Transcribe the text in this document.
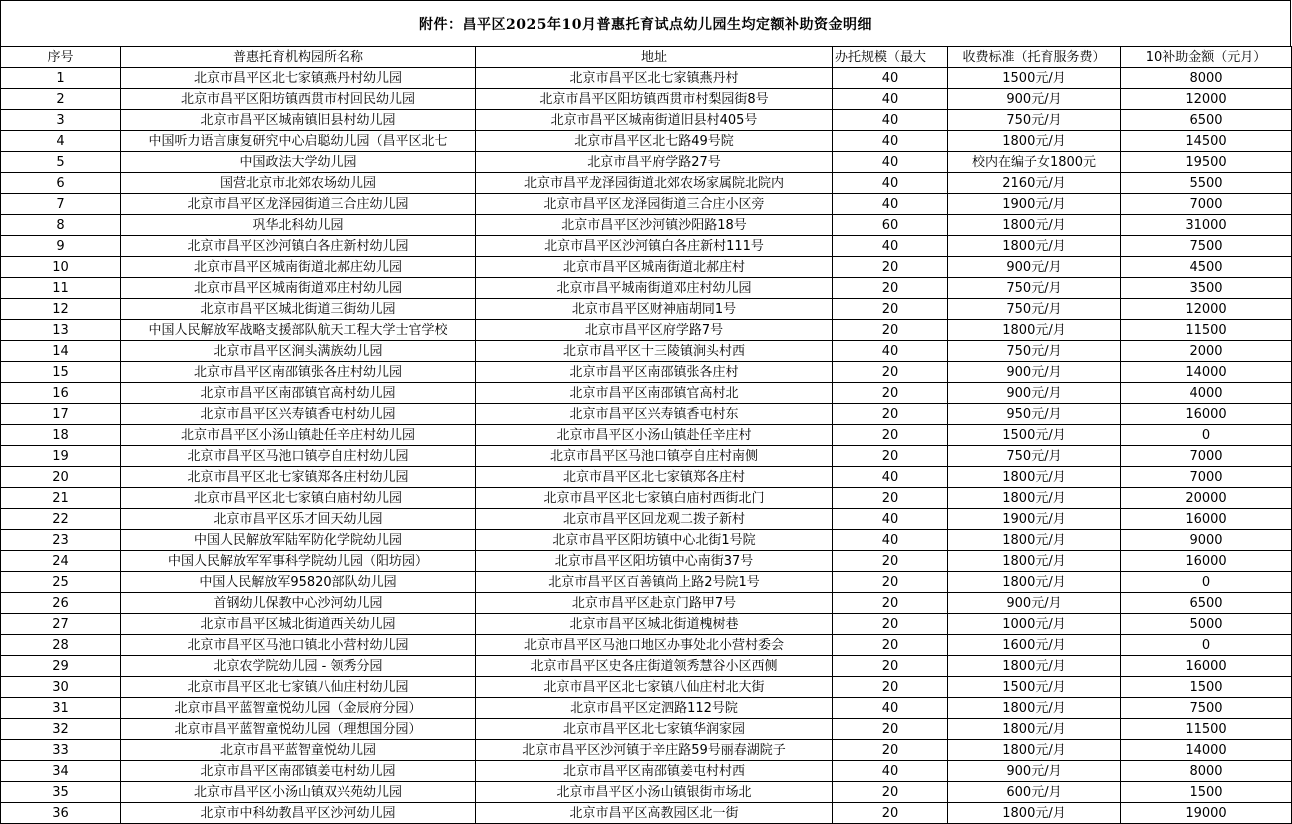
附件：昌平区2025年10月普惠托育试点幼儿园生均定额补助资金明细
序号	普惠托育机构园所名称	地址	办托规模（最大	收费标准（托育服务费）	10补助金额（元月）
1	北京市昌平区北七家镇燕丹村幼儿园	北京市昌平区北七家镇燕丹村	40	1500元/月	8000
2	北京市昌平区阳坊镇西贯市村回民幼儿园	北京市昌平区阳坊镇西贯市村梨园街8号	40	900元/月	12000
3	北京市昌平区城南镇旧县村幼儿园	北京市昌平区城南街道旧县村405号	40	750元/月	6500
4	中国听力语言康复研究中心启聪幼儿园（昌平区北七	北京市昌平区北七路49号院	40	1800元/月	14500
5	中国政法大学幼儿园	北京市昌平府学路27号	40	校内在编子女1800元	19500
6	国营北京市北郊农场幼儿园	北京市昌平龙泽园街道北郊农场家属院北院内	40	2160元/月	5500
7	北京市昌平区龙泽园街道三合庄幼儿园	北京市昌平区龙泽园街道三合庄小区旁	40	1900元/月	7000
8	巩华北科幼儿园	北京市昌平区沙河镇沙阳路18号	60	1800元/月	31000
9	北京市昌平区沙河镇白各庄新村幼儿园	北京市昌平区沙河镇白各庄新村111号	40	1800元/月	7500
10	北京市昌平区城南街道北郝庄幼儿园	北京市昌平区城南街道北郝庄村	20	900元/月	4500
11	北京市昌平区城南街道邓庄村幼儿园	北京市昌平城南街道邓庄村幼儿园	20	750元/月	3500
12	北京市昌平区城北街道三街幼儿园	北京市昌平区财神庙胡同1号	20	750元/月	12000
13	中国人民解放军战略支援部队航天工程大学士官学校	北京市昌平区府学路7号	20	1800元/月	11500
14	北京市昌平区涧头满族幼儿园	北京市昌平区十三陵镇涧头村西	40	750元/月	2000
15	北京市昌平区南邵镇张各庄村幼儿园	北京市昌平区南邵镇张各庄村	20	900元/月	14000
16	北京市昌平区南邵镇官高村幼儿园	北京市昌平区南邵镇官高村北	20	900元/月	4000
17	北京市昌平区兴寿镇香屯村幼儿园	北京市昌平区兴寿镇香屯村东	20	950元/月	16000
18	北京市昌平区小汤山镇赴任辛庄村幼儿园	北京市昌平区小汤山镇赴任辛庄村	20	1500元/月	0
19	北京市昌平区马池口镇亭自庄村幼儿园	北京市昌平区马池口镇亭自庄村南侧	20	750元/月	7000
20	北京市昌平区北七家镇郑各庄村幼儿园	北京市昌平区北七家镇郑各庄村	40	1800元/月	7000
21	北京市昌平区北七家镇白庙村幼儿园	北京市昌平区北七家镇白庙村西街北门	20	1800元/月	20000
22	北京市昌平区乐才回天幼儿园	北京市昌平区回龙观二拨子新村	40	1900元/月	16000
23	中国人民解放军陆军防化学院幼儿园	北京市昌平区阳坊镇中心北街1号院	40	1800元/月	9000
24	中国人民解放军军事科学院幼儿园（阳坊园）	北京市昌平区阳坊镇中心南街37号	20	1800元/月	16000
25	中国人民解放军95820部队幼儿园	北京市昌平区百善镇尚上路2号院1号	20	1800元/月	0
26	首钢幼儿保教中心沙河幼儿园	北京市昌平区赴京门路甲7号	20	900元/月	6500
27	北京市昌平区城北街道西关幼儿园	北京市昌平区城北街道槐树巷	20	1000元/月	5000
28	北京市昌平区马池口镇北小营村幼儿园	北京市昌平区马池口地区办事处北小营村委会	20	1600元/月	0
29	北京农学院幼儿园 - 领秀分园	北京市昌平区史各庄街道领秀慧谷小区西侧	20	1800元/月	16000
30	北京市昌平区北七家镇八仙庄村幼儿园	北京市昌平区北七家镇八仙庄村北大街	20	1500元/月	1500
31	北京市昌平蓝智童悦幼儿园（金辰府分园）	北京市昌平区定泗路112号院	40	1800元/月	7500
32	北京市昌平蓝智童悦幼儿园（理想国分园）	北京市昌平区北七家镇华润家园	20	1800元/月	11500
33	北京市昌平蓝智童悦幼儿园	北京市昌平区沙河镇于辛庄路59号丽春湖院子	20	1800元/月	14000
34	北京市昌平区南邵镇姜屯村幼儿园	北京市昌平区南邵镇姜屯村村西	40	900元/月	8000
35	北京市昌平区小汤山镇双兴苑幼儿园	北京市昌平区小汤山镇银街市场北	20	600元/月	1500
36	北京市中科幼教昌平区沙河幼儿园	北京市昌平区高教园区北一街	20	1800元/月	19000
